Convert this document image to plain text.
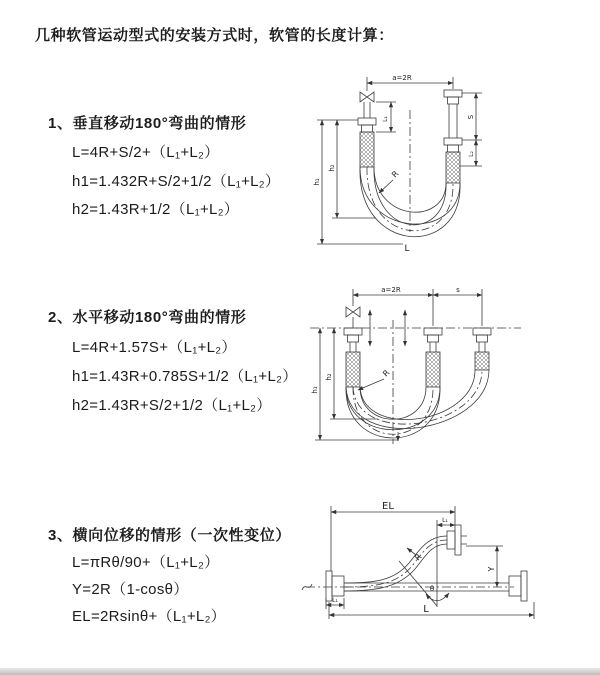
几种软管运动型式的安装方式时，软管的长度计算：
1、垂直移动180°弯曲的情形
L=4R+S/2+（L₁+L₂）
h1=1.432R+S/2+1/2（L₁+L₂）
h2=1.43R+1/2（L₁+L₂）
2、水平移动180°弯曲的情形
L=4R+1.57S+（L₁+L₂）
h1=1.43R+0.785S+1/2（L₁+L₂）
h2=1.43R+S/2+1/2（L₁+L₂）
3、横向位移的情形（一次性变位）
L=πRθ/90+（L₁+L₂）
Y=2R（1-cosθ）
EL=2Rsinθ+（L₁+L₂）
a=2R
L₁
h₁
h₂
S
L₂
R
L
a=2R	s
h₁
h₂	R
EL
L₁
Y
R
θ
L
L₁
